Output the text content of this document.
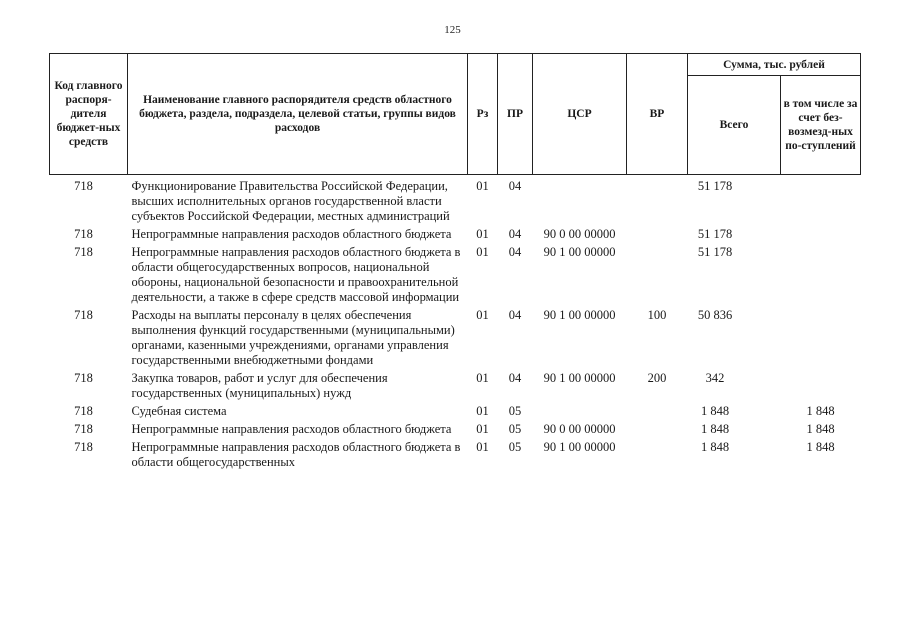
125
Код главного распоря-дителя бюджет-ных средств	Наименование главного распорядителя средств областного бюджета, раздела, подраздела, целевой статьи, группы видов расходов	Рз	ПР	ЦСР	ВР	Сумма, тыс. рублей	
						Всего	в том числе за счет без-возмезд-ных по-ступлений
718	Функционирование Правительства Российской Федерации, высших исполнительных органов государственной власти субъектов Российской Федерации, местных администраций	01	04			51 178	
718	Непрограммные направления расходов областного бюджета	01	04	90 0 00 00000		51 178	
718	Непрограммные направления расходов областного бюджета в области общегосударственных вопросов, национальной обороны, национальной безопасности и правоохранительной деятельности, а также в сфере средств массовой информации	01	04	90 1 00 00000		51 178	
718	Расходы на выплаты персоналу в целях обеспечения выполнения функций государственными (муниципальными) органами, казенными учреждениями, органами управления государственными внебюджетными фондами	01	04	90 1 00 00000	100	50 836	
718	Закупка товаров, работ и услуг для обеспечения государственных (муниципальных) нужд	01	04	90 1 00 00000	200	342	
718	Судебная система	01	05			1 848	1 848
718	Непрограммные направления расходов областного бюджета	01	05	90 0 00 00000		1 848	1 848
718	Непрограммные направления расходов областного бюджета в области общегосударственных	01	05	90 1 00 00000		1 848	1 848
